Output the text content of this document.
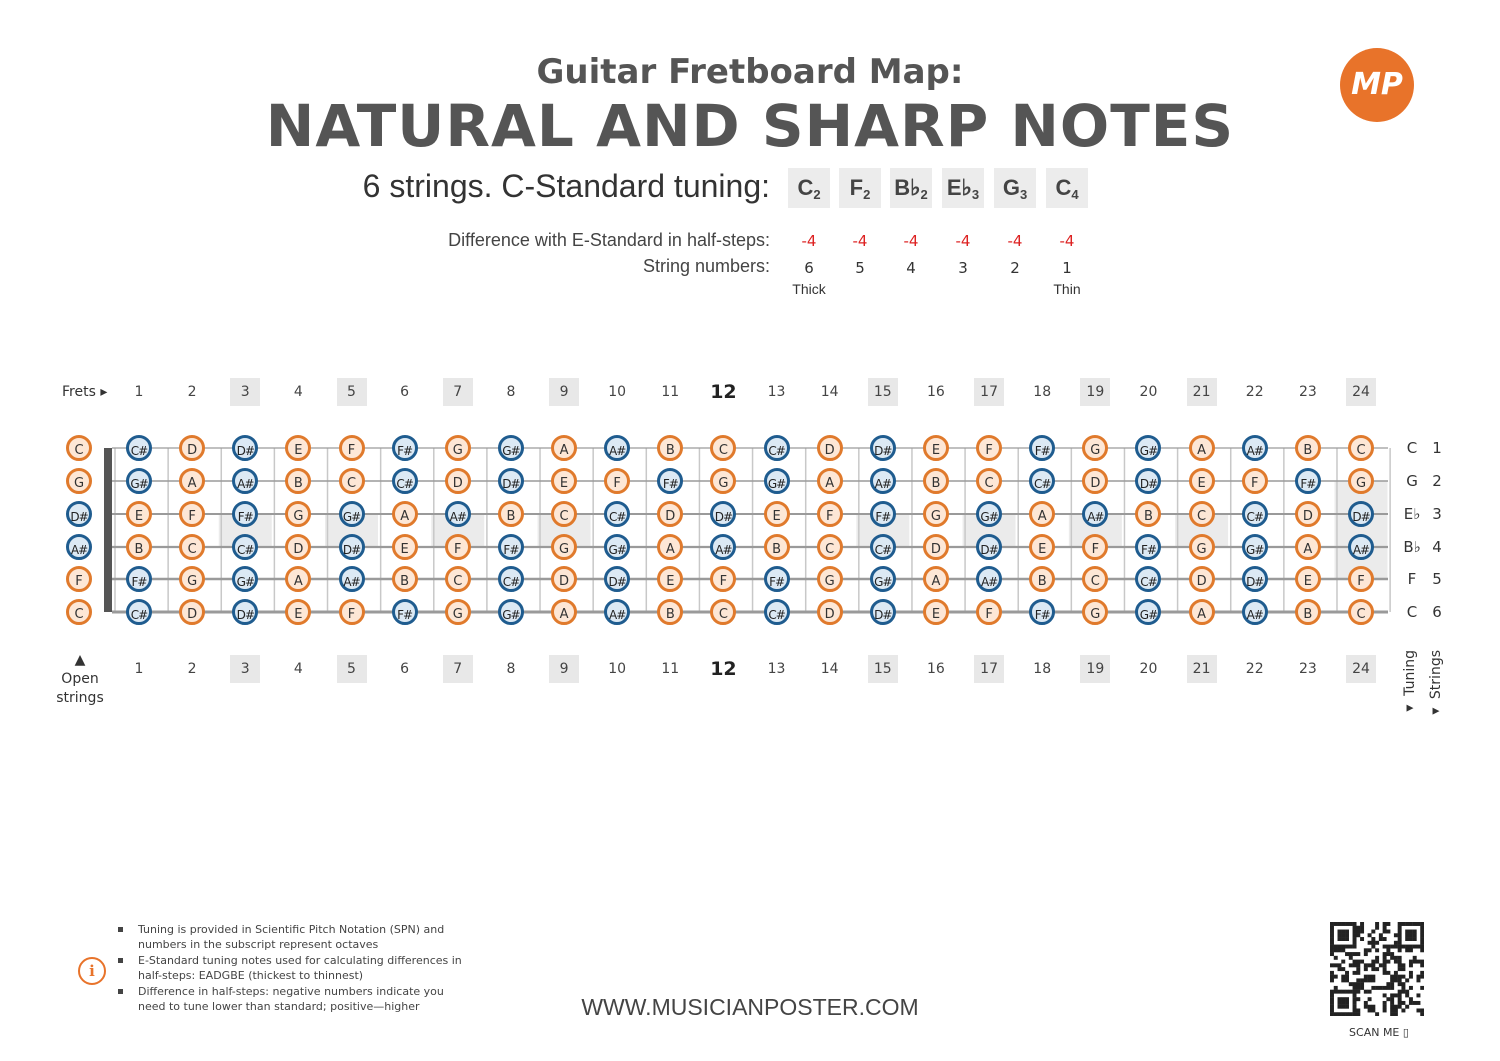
Guitar Fretboard Map:
NATURAL AND SHARP NOTES
MP
6 strings. C-Standard tuning:	$C_2$	$F_2$	$B♭_2$ $E♭_3$	$G_3$	$C_4$
Difference with E-Standard in half-steps:
String numbers:
-4	-4	-4	-4	-4	-4
6	5	4	3	2	1
Thick	Thin
Frets ▸	1	2	3	4	5	6	7	8	9	10	11	12	13	14	15	16	17	18	19	20	21	22	23	24
1	2	3	4	5	6	7	8	9	10	11	12	13	14	15	16	17	18	19	20	21	22	23	24
C	C#	D	D#	E	F	F#	G	G#	A	A#	B	C	C#	D	D#	E	F	F#	G	G#	A	A#	B	C
G	G#	A	A#	B	C	C#	D	D#	E	F	F#	G	G#	A	A#	B	C	C#	D	D#	E	F	F#	G
D#	E	F	F#	G	G#	A	A#	B	C	C#	D	D#	E	F	F#	G	G#	A	A#	B	C	C#	D	D#
A#	B	C	C#	D	D#	E	F	F#	G	G#	A	A#	B	C	C#	D	D#	E	F	F#	G	G#	A	A#
F	F#	G	G#	A	A#	B	C	C#	D	D#	E	F	F#	G	G#	A	A#	B	C	C#	D	D#	E	F
C	C#	D	D#	E	F	F#	G	G#	A	A#	B	C	C#	D	D#	E	F	F#	G	G#	A	A#	B	C
C 1
G 2
E♭ 3
B♭ 4
F	5
C 6
▲
Open strings	◂ Tuning
◂ Strings
i
Tuning is provided in Scientific Pitch Notation (SPN) and numbers in the subscript represent octaves
E-Standard tuning notes used for calculating differences in half-steps: EADGBE (thickest to thinnest)
Difference in half-steps: negative numbers indicate you need to tune lower than standard; positive—higher	WWW.MUSICIANPOSTER.COM
SCAN ME ▯
